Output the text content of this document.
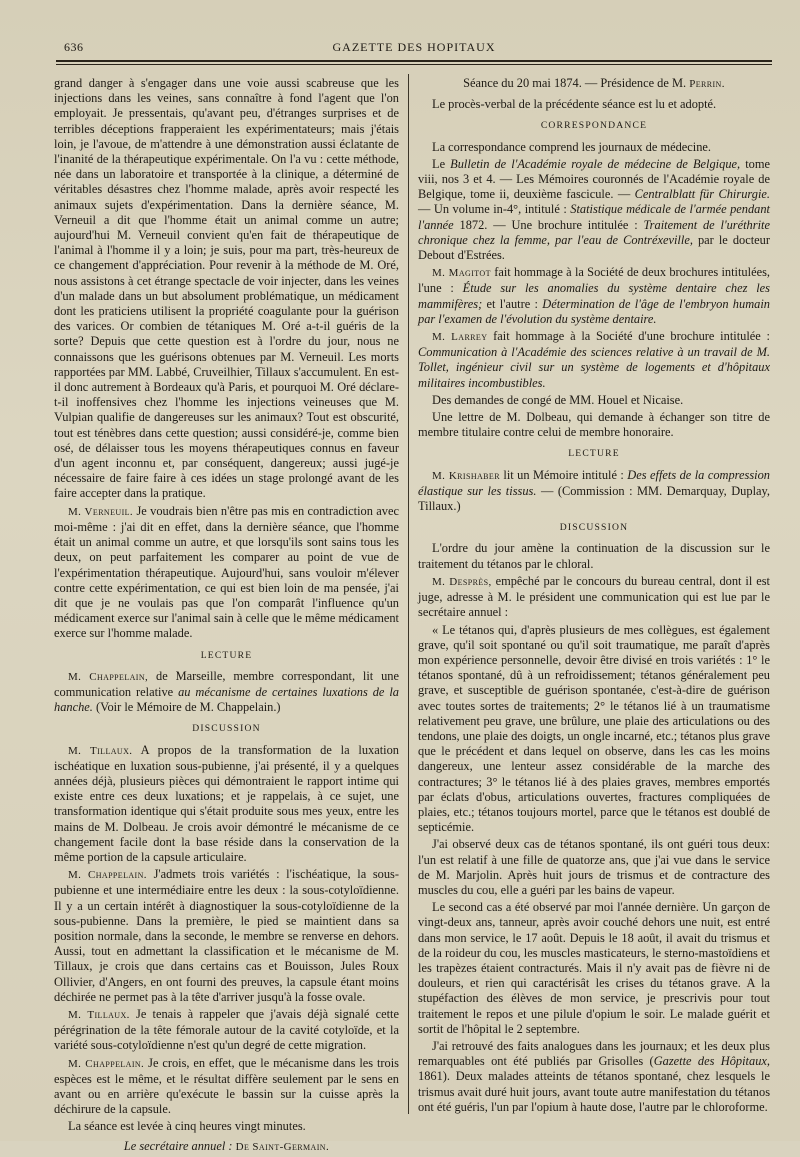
636	GAZETTE DES HOPITAUX

grand danger à s'engager dans une voie aussi scabreuse que les injections dans les veines, sans connaître à fond l'agent que l'on employait. Je pressentais, qu'avant peu, d'étranges surprises et de terribles déceptions frapperaient les expérimentateurs; mais j'étais loin, je l'avoue, de m'attendre à une démonstration aussi éclatante de l'inanité de la thérapeutique expérimentale. On l'a vu : cette méthode, née dans un laboratoire et transportée à la clinique, a déterminé de véritables désastres chez l'homme malade, après avoir respecté les animaux sujets d'expérimentation. Dans la dernière séance, M. Verneuil a dit que l'homme était un animal comme un autre; aujourd'hui M. Verneuil convient qu'en fait de thérapeutique de l'animal à l'homme il y a loin; je suis, pour ma part, très-heureux de ce changement d'appréciation. Pour revenir à la méthode de M. Oré, nous assistons à cet étrange spectacle de voir injecter, dans les veines d'un malade dans un but absolument problématique, un médicament dont les praticiens utilisent la propriété coagulante pour la guérison des varices. Or combien de tétaniques M. Oré a-t-il guéris de la sorte? Depuis que cette question est à l'ordre du jour, nous ne connaissons que les guérisons obtenues par M. Verneuil. Les morts rapportées par MM. Labbé, Cruveilhier, Tillaux s'accumulent. En est-il donc autrement à Bordeaux qu'à Paris, et pourquoi M. Oré déclare-t-il inoffensives chez l'homme les injections veineuses que M. Vulpian qualifie de dangereuses sur les animaux? Tout est obscurité, tout est ténèbres dans cette question; aussi considéré-je, comme bien osé, de délaisser tous les moyens thérapeutiques connus en faveur d'un agent inconnu et, par conséquent, dangereux; aussi jugé-je nécessaire de faire faire à ces idées un stage prolongé avant de les faire accepter dans la pratique.

M. Verneuil. Je voudrais bien n'être pas mis en contradiction avec moi-même : j'ai dit en effet, dans la dernière séance, que l'homme était un animal comme un autre, et que lorsqu'ils sont sains tous les deux, on peut parfaitement les comparer au point de vue de l'expérimentation thérapeutique. Aujourd'hui, sans vouloir m'élever contre cette expérimentation, ce qui est bien loin de ma pensée, j'ai dit que je ne voulais pas que l'on comparât l'influence qu'un médicament exerce sur l'animal sain à celle que le même médicament exerce sur l'homme malade.

LECTURE

M. Chappelain, de Marseille, membre correspondant, lit une communication relative au mécanisme de certaines luxations de la hanche. (Voir le Mémoire de M. Chappelain.)

DISCUSSION

M. Tillaux. A propos de la transformation de la luxation ischéatique en luxation sous-pubienne, j'ai présenté, il y a quelques années déjà, plusieurs pièces qui démontraient le rapport intime qui existe entre ces deux luxations; et je rappelais, à ce sujet, une transformation identique qui s'était produite sous mes yeux, entre les mains de M. Dolbeau. Je crois avoir démontré le mécanisme de ce changement facile dont la base réside dans la conservation de la même portion de la capsule articulaire.

M. Chappelain. J'admets trois variétés : l'ischéatique, la sous-pubienne et une intermédiaire entre les deux : la sous-cotyloïdienne. Il y a un certain intérêt à diagnostiquer la sous-cotyloïdienne de la sous-pubienne. Dans la première, le pied se maintient dans sa position normale, dans la seconde, le membre se renverse en dehors. Aussi, tout en admettant la classification et le mécanisme de M. Tillaux, je crois que dans certains cas et Bouisson, Jules Roux Ollivier, d'Angers, en ont fourni des preuves, la capsule étant moins déchirée ne permet pas à la tête d'arriver jusqu'à la fosse ovale.

M. Tillaux. Je tenais à rappeler que j'avais déjà signalé cette pérégrination de la tête fémorale autour de la cavité cotyloïde, et la variété sous-cotyloïdienne n'est qu'un degré de cette migration.

M. Chappelain. Je crois, en effet, que le mécanisme dans les trois espèces est le même, et le résultat diffère seulement par le sens en avant ou en arrière qu'exécute le bassin sur la cuisse après la déchirure de la capsule.

La séance est levée à cinq heures vingt minutes.

Le secrétaire annuel : De Saint-Germain.

Séance du 20 mai 1874. — Présidence de M. Perrin.

Le procès-verbal de la précédente séance est lu et adopté.

CORRESPONDANCE

La correspondance comprend les journaux de médecine.

Le Bulletin de l'Académie royale de médecine de Belgique, tome viii, nos 3 et 4. — Les Mémoires couronnés de l'Académie royale de Belgique, tome ii, deuxième fascicule. — Centralblatt für Chirurgie. — Un volume in-4°, intitulé : Statistique médicale de l'armée pendant l'année 1872. — Une brochure intitulée : Traitement de l'uréthrite chronique chez la femme, par l'eau de Contréxeville, par le docteur Debout d'Estrées.

M. Magitot fait hommage à la Société de deux brochures intitulées, l'une : Étude sur les anomalies du système dentaire chez les mammifères; et l'autre : Détermination de l'âge de l'embryon humain par l'examen de l'évolution du système dentaire.

M. Larrey fait hommage à la Société d'une brochure intitulée : Communication à l'Académie des sciences relative à un travail de M. Tollet, ingénieur civil sur un système de logements et d'hôpitaux militaires incombustibles.

Des demandes de congé de MM. Houel et Nicaise.

Une lettre de M. Dolbeau, qui demande à échanger son titre de membre titulaire contre celui de membre honoraire.

LECTURE

M. Krishaber lit un Mémoire intitulé : Des effets de la compression élastique sur les tissus. — (Commission : MM. Demarquay, Duplay, Tillaux.)

DISCUSSION

L'ordre du jour amène la continuation de la discussion sur le traitement du tétanos par le chloral.

M. Desprès, empêché par le concours du bureau central, dont il est juge, adresse à M. le président une communication qui est lue par le secrétaire annuel :

« Le tétanos qui, d'après plusieurs de mes collègues, est également grave, qu'il soit spontané ou qu'il soit traumatique, me paraît d'après mon expérience personnelle, devoir être divisé en trois variétés : 1° le tétanos spontané, dû à un refroidissement; tétanos généralement peu grave, et susceptible de guérison spontanée, c'est-à-dire de guérison avec toutes sortes de traitements; 2° le tétanos lié à un traumatisme relativement peu grave, une brûlure, une plaie des articulations ou des tendons, une plaie des doigts, un ongle incarné, etc.; tétanos plus grave que le précédent et dans lequel on observe, dans les cas les moins dangereux, une lenteur assez considérable de la marche des contractures; 3° le tétanos lié à des plaies graves, membres emportés par éclats d'obus, articulations ouvertes, fractures compliquées de plaies, etc.; tétanos toujours mortel, parce que le tétanos est doublé de septicémie.

J'ai observé deux cas de tétanos spontané, ils ont guéri tous deux: l'un est relatif à une fille de quatorze ans, que j'ai vue dans le service de M. Marjolin. Après huit jours de trismus et de contracture des muscles du cou, elle a guéri par les bains de vapeur.

Le second cas a été observé par moi l'année dernière. Un garçon de vingt-deux ans, tanneur, après avoir couché dehors une nuit, est entré dans mon service, le 17 août. Depuis le 18 août, il avait du trismus et de la roideur du cou, les muscles masticateurs, le sterno-mastoïdiens et les trapèzes étaient contracturés. Mais il n'y avait pas de fièvre ni de douleurs, et rien qui caractérisât les crises du tétanos grave. A la stupéfaction des élèves de mon service, je prescrivis pour tout traitement le repos et une pilule d'opium le soir. Le malade guérit et sortit de l'hôpital le 2 septembre.

J'ai retrouvé des faits analogues dans les journaux; et les deux plus remarquables ont été publiés par Grisolles (Gazette des Hôpitaux, 1861). Deux malades atteints de tétanos spontané, chez lesquels le trismus avait duré huit jours, avant toute autre manifestation du tétanos ont été guéris, l'un par l'opium à haute dose, l'autre par le chloroforme.
